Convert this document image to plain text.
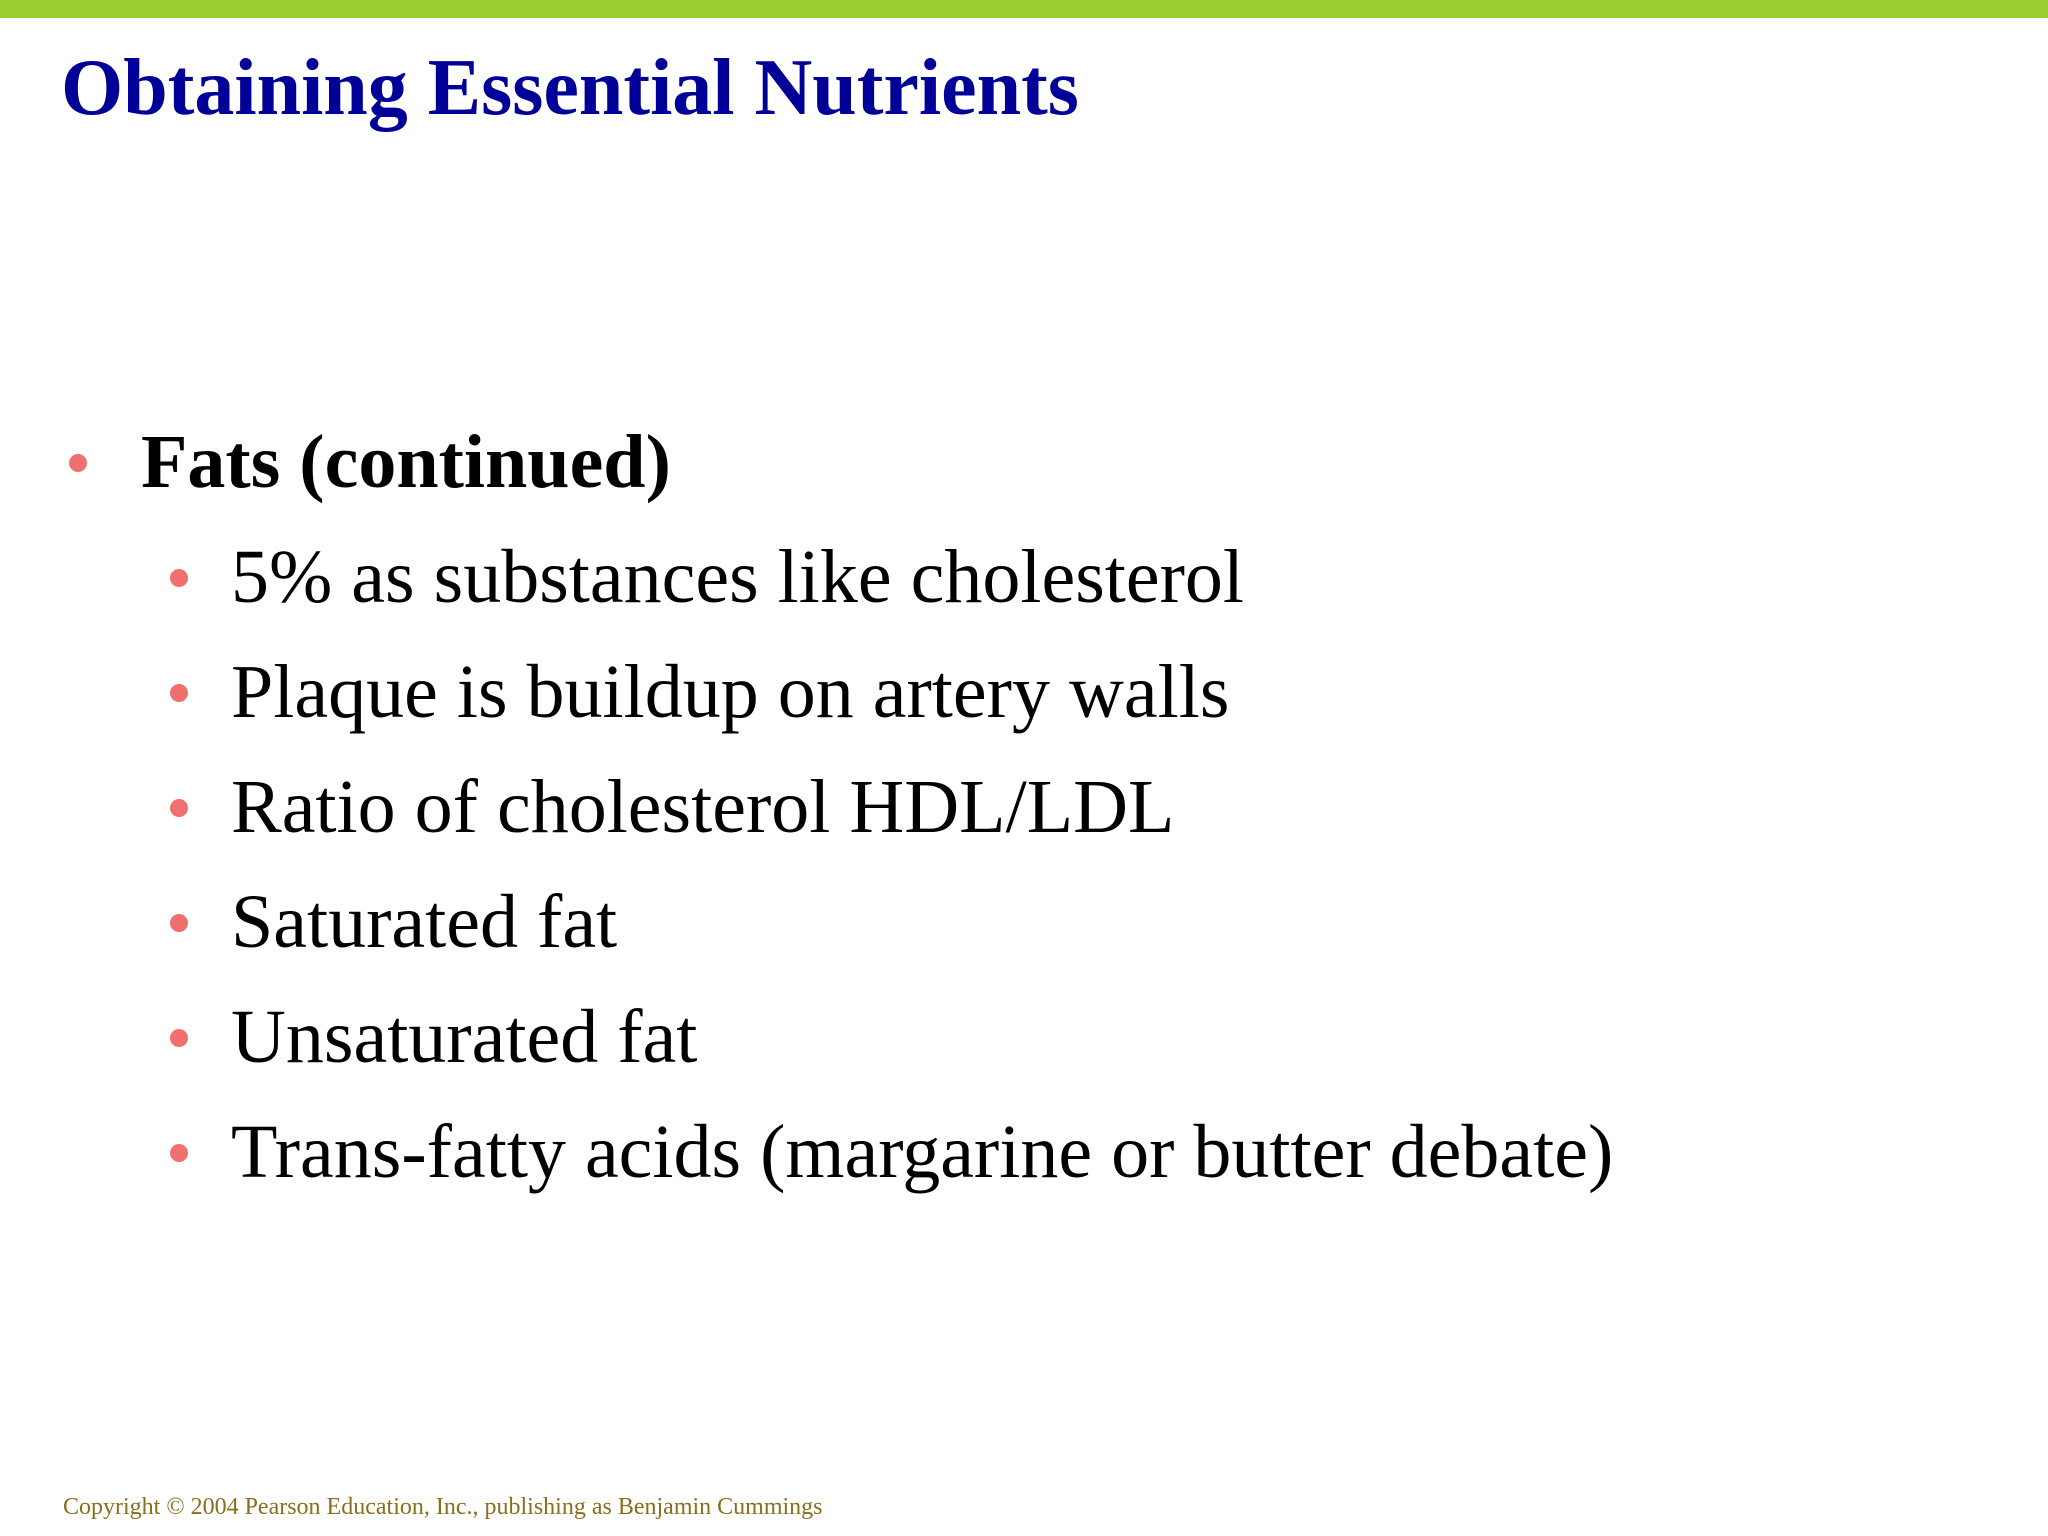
Obtaining Essential Nutrients
Fats (continued)
5% as substances like cholesterol
Plaque is buildup on artery walls
Ratio of cholesterol HDL/LDL
Saturated fat
Unsaturated fat
Trans-fatty acids (margarine or butter debate)
Copyright © 2004 Pearson Education, Inc., publishing as Benjamin Cummings
